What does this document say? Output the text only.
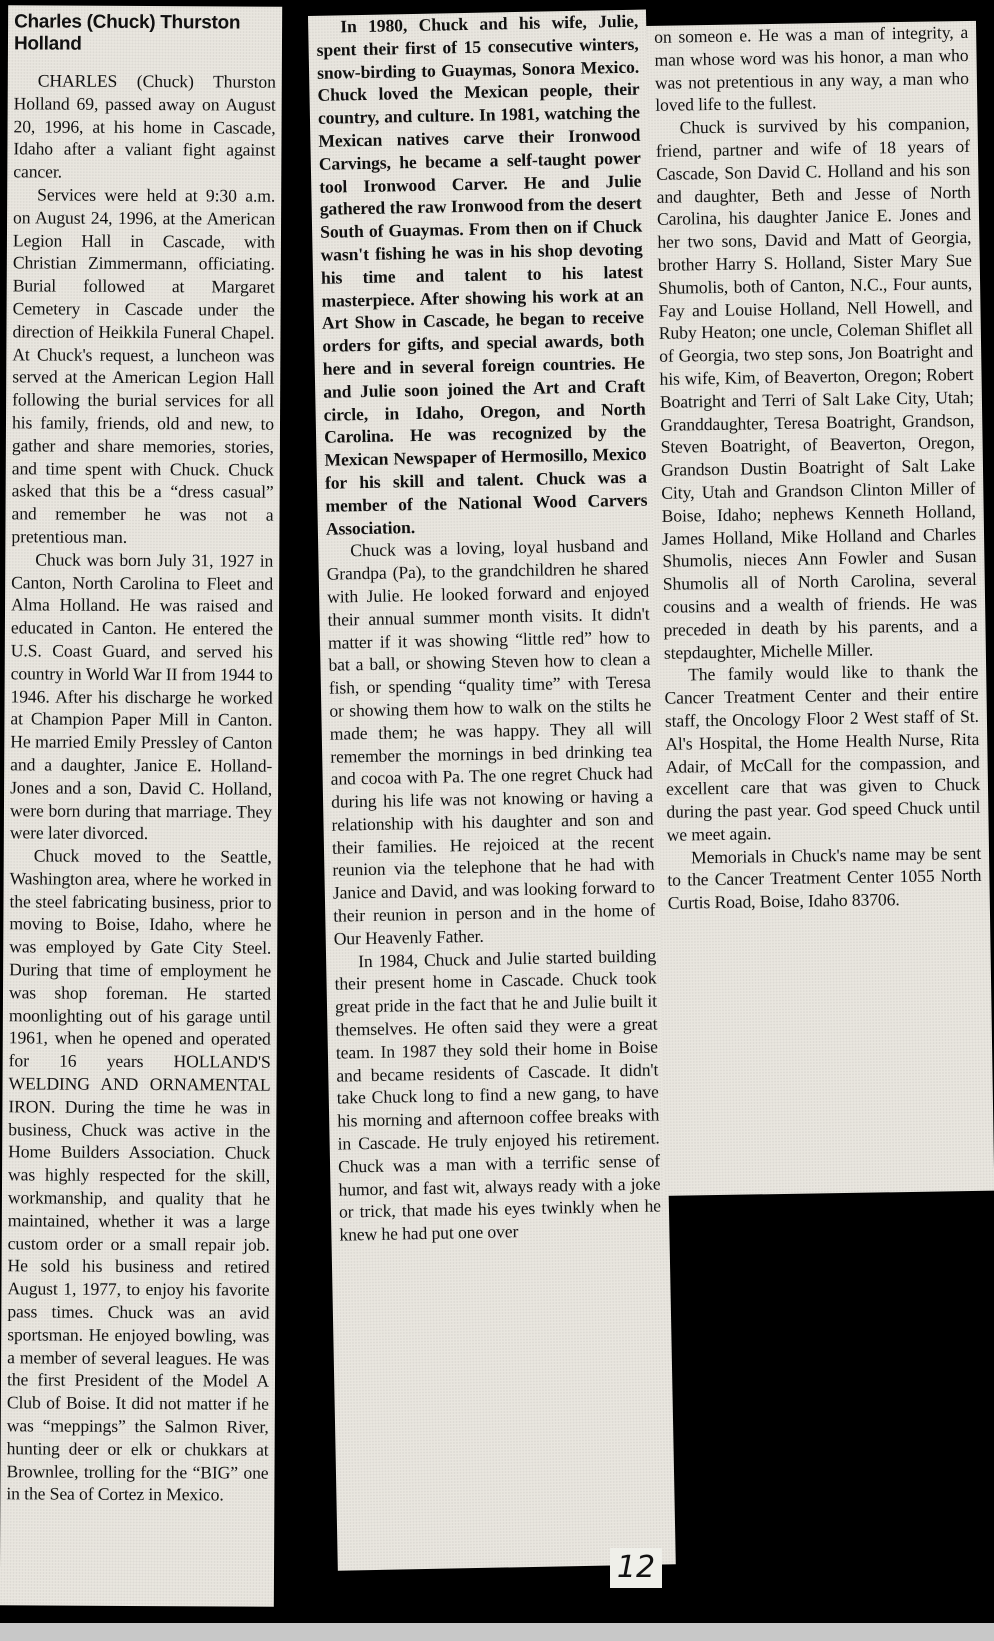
Charles (Chuck) Thurston Holland

CHARLES (Chuck) Thurston Holland 69, passed away on August 20, 1996, at his home in Cascade, Idaho after a valiant fight against cancer.

Services were held at 9:30 a.m. on August 24, 1996, at the American Legion Hall in Cascade, with Christian Zimmermann, officiating. Burial followed at Margaret Cemetery in Cascade under the direction of Heikkila Funeral Chapel. At Chuck's request, a luncheon was served at the American Legion Hall following the burial services for all his family, friends, old and new, to gather and share memories, stories, and time spent with Chuck. Chuck asked that this be a “dress casual” and remember he was not a pretentious man.

Chuck was born July 31, 1927 in Canton, North Carolina to Fleet and Alma Holland. He was raised and educated in Canton. He entered the U.S. Coast Guard, and served his country in World War II from 1944 to 1946. After his discharge he worked at Champion Paper Mill in Canton. He married Emily Pressley of Canton and a daughter, Janice E. Holland-Jones and a son, David C. Holland, were born during that marriage. They were later divorced.

Chuck moved to the Seattle, Washington area, where he worked in the steel fabricating business, prior to moving to Boise, Idaho, where he was employed by Gate City Steel. During that time of employment he was shop foreman. He started moonlighting out of his garage until 1961, when he opened and operated for 16 years HOLLAND'S WELDING AND ORNAMENTAL IRON. During the time he was in business, Chuck was active in the Home Builders Association. Chuck was highly respected for the skill, workmanship, and quality that he maintained, whether it was a large custom order or a small repair job. He sold his business and retired August 1, 1977, to enjoy his favorite pass times. Chuck was an avid sportsman. He enjoyed bowling, was a member of several leagues. He was the first President of the Model A Club of Boise. It did not matter if he was “meppings” the Salmon River, hunting deer or elk or chukkars at Brownlee, trolling for the “BIG” one in the Sea of Cortez in Mexico.

In 1980, Chuck and his wife, Julie, spent their first of 15 consecutive winters, snow-birding to Guaymas, Sonora Mexico. Chuck loved the Mexican people, their country, and culture. In 1981, watching the Mexican natives carve their Ironwood Carvings, he became a self-taught power tool Ironwood Carver. He and Julie gathered the raw Ironwood from the desert South of Guaymas. From then on if Chuck wasn't fishing he was in his shop devoting his time and talent to his latest masterpiece. After showing his work at an Art Show in Cascade, he began to receive orders for gifts, and special awards, both here and in several foreign countries. He and Julie soon joined the Art and Craft circle, in Idaho, Oregon, and North Carolina. He was recognized by the Mexican Newspaper of Hermosillo, Mexico for his skill and talent. Chuck was a member of the National Wood Carvers Association.

Chuck was a loving, loyal husband and Grandpa (Pa), to the grandchildren he shared with Julie. He looked forward and enjoyed their annual summer month visits. It didn't matter if it was showing “little red” how to bat a ball, or showing Steven how to clean a fish, or spending “quality time” with Teresa or showing them how to walk on the stilts he made them; he was happy. They all will remember the mornings in bed drinking tea and cocoa with Pa. The one regret Chuck had during his life was not knowing or having a relationship with his daughter and son and their families. He rejoiced at the recent reunion via the telephone that he had with Janice and David, and was looking forward to their reunion in person and in the home of Our Heavenly Father.

In 1984, Chuck and Julie started building their present home in Cascade. Chuck took great pride in the fact that he and Julie built it themselves. He often said they were a great team. In 1987 they sold their home in Boise and became residents of Cascade. It didn't take Chuck long to find a new gang, to have his morning and afternoon coffee breaks with in Cascade. He truly enjoyed his retirement. Chuck was a man with a terrific sense of humor, and fast wit, always ready with a joke or trick, that made his eyes twinkly when he knew he had put one over

on someon e. He was a man of integrity, a man whose word was his honor, a man who was not pretentious in any way, a man who loved life to the fullest.

Chuck is survived by his companion, friend, partner and wife of 18 years of Cascade, Son David C. Holland and his son and daughter, Beth and Jesse of North Carolina, his daughter Janice E. Jones and her two sons, David and Matt of Georgia, brother Harry S. Holland, Sister Mary Sue Shumolis, both of Canton, N.C., Four aunts, Fay and Louise Holland, Nell Howell, and Ruby Heaton; one uncle, Coleman Shiflet all of Georgia, two step sons, Jon Boatright and his wife, Kim, of Beaverton, Oregon; Robert Boatright and Terri of Salt Lake City, Utah; Granddaughter, Teresa Boatright, Grandson, Steven Boatright, of Beaverton, Oregon, Grandson Dustin Boatright of Salt Lake City, Utah and Grandson Clinton Miller of Boise, Idaho; nephews Kenneth Holland, James Holland, Mike Holland and Charles Shumolis, nieces Ann Fowler and Susan Shumolis all of North Carolina, several cousins and a wealth of friends. He was preceded in death by his parents, and a stepdaughter, Michelle Miller.

The family would like to thank the Cancer Treatment Center and their entire staff, the Oncology Floor 2 West staff of St. Al's Hospital, the Home Health Nurse, Rita Adair, of McCall for the compassion, and excellent care that was given to Chuck during the past year. God speed Chuck until we meet again.

Memorials in Chuck's name may be sent to the Cancer Treatment Center 1055 North Curtis Road, Boise, Idaho 83706.

12
